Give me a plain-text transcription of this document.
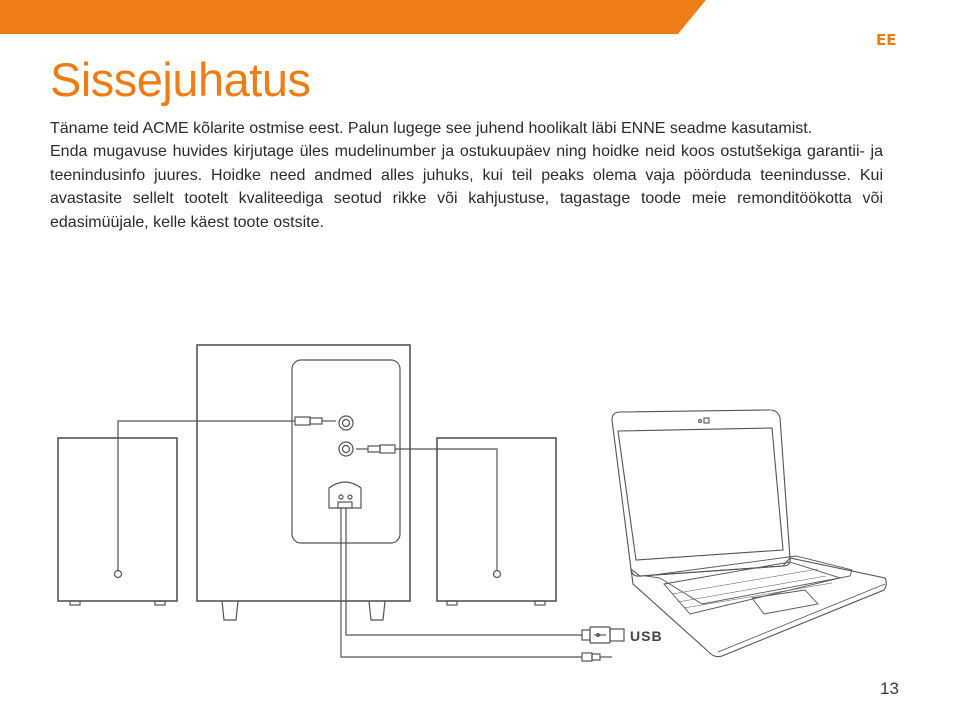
EE
Sissejuhatus

Täname teid ACME kõlarite ostmise eest. Palun lugege see juhend hoolikalt läbi ENNE seadme kasutamist.

Enda mugavuse huvides kirjutage üles mudelinumber ja ostukuupäev ning hoidke neid koos ostutšekiga garantii- ja teenindusinfo juures. Hoidke need andmed alles juhuks, kui teil peaks olema vaja pöörduda teenindusse. Kui avastasite sellelt tootelt kvaliteediga seotud rikke või kahjustuse, tagastage toode meie remonditöökotta või edasimüüjale, kelle käest toote ostsite.

USB
13
